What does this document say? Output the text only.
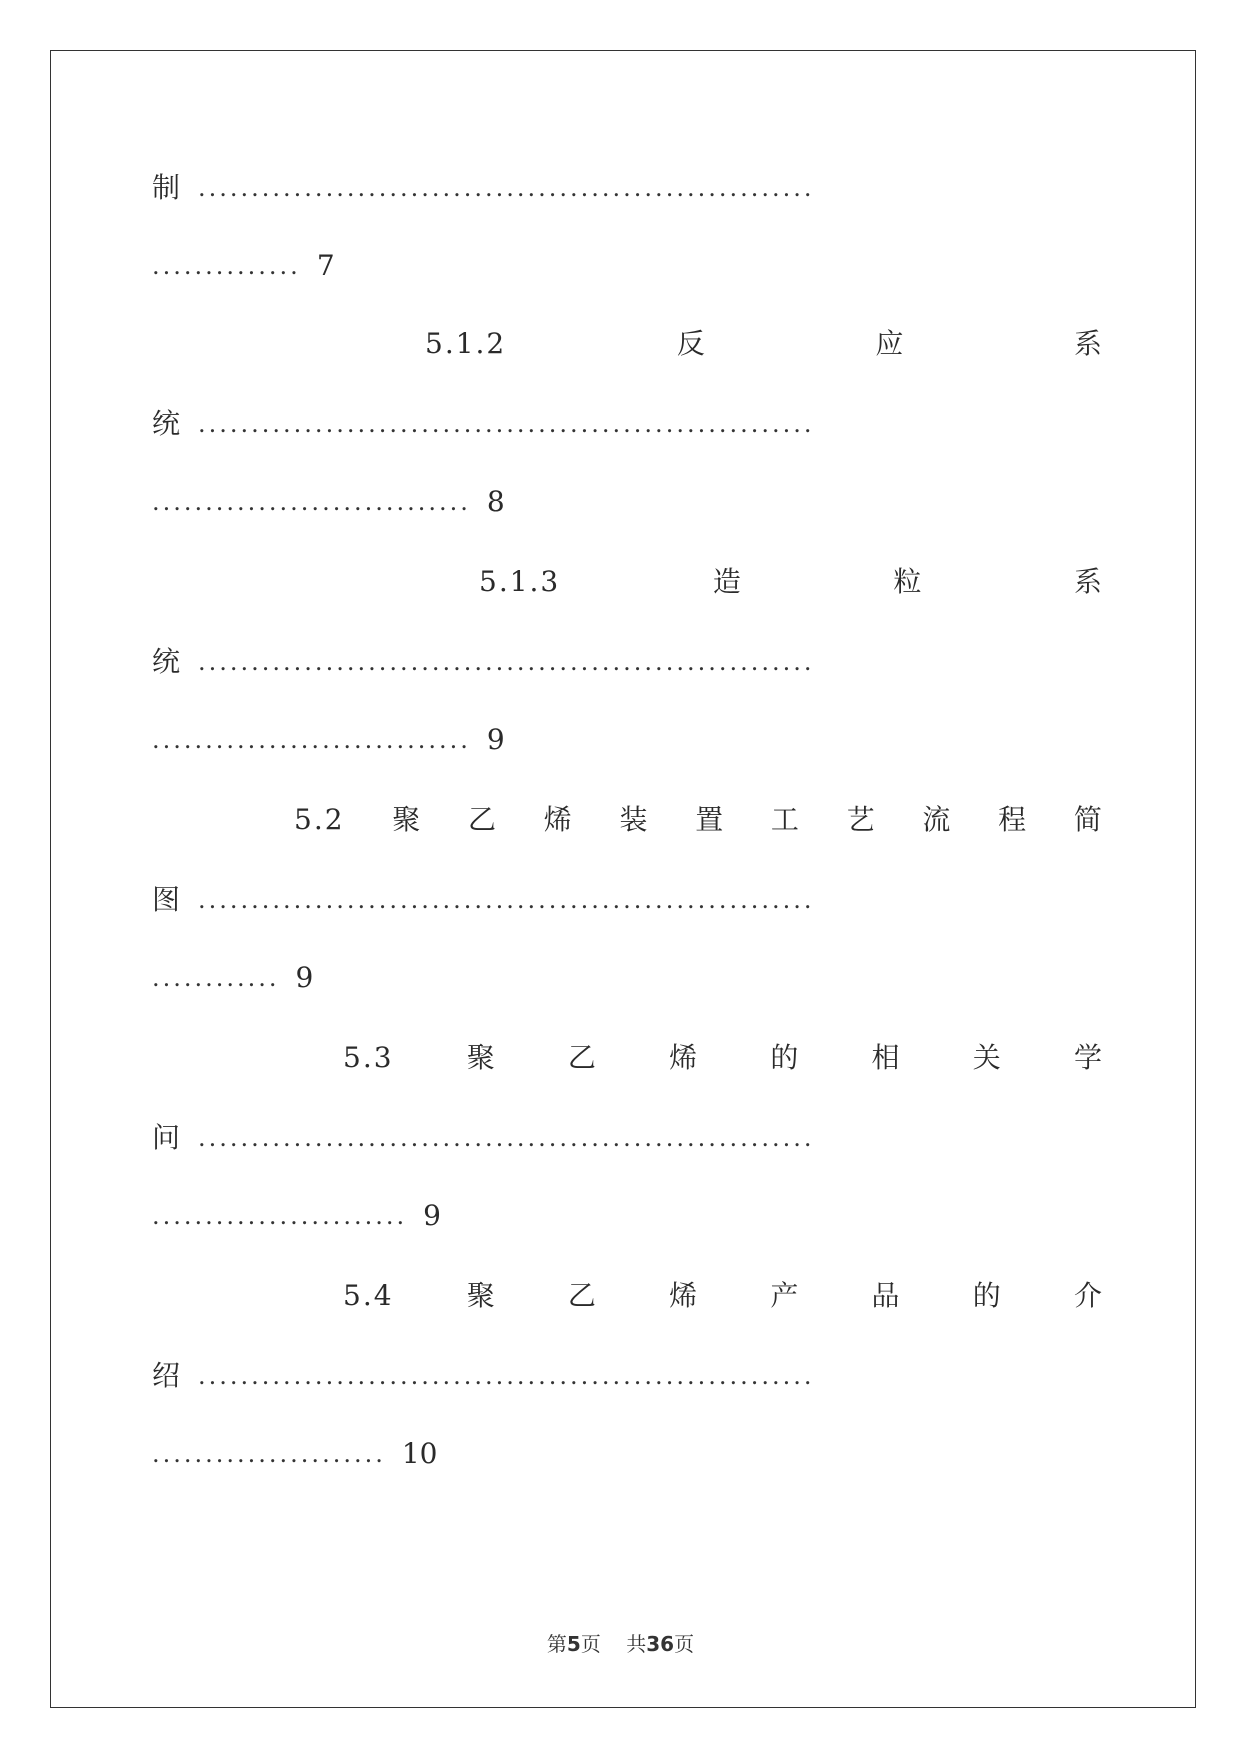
制 ..........................................................
.............. 7
5.1.2	反	应	系
统 ..........................................................
.............................. 8
5.1.3	造	粒	系
统 ..........................................................
.............................. 9
5.2 聚 乙 烯 装 置 工 艺 流 程 简
图 ..........................................................
............ 9
5.3	聚	乙	烯	的	相	关	学
问 ..........................................................
........................ 9
5.4	聚	乙	烯	产	品	的	介
绍 ..........................................................
...................... 10
第5页    共36页
